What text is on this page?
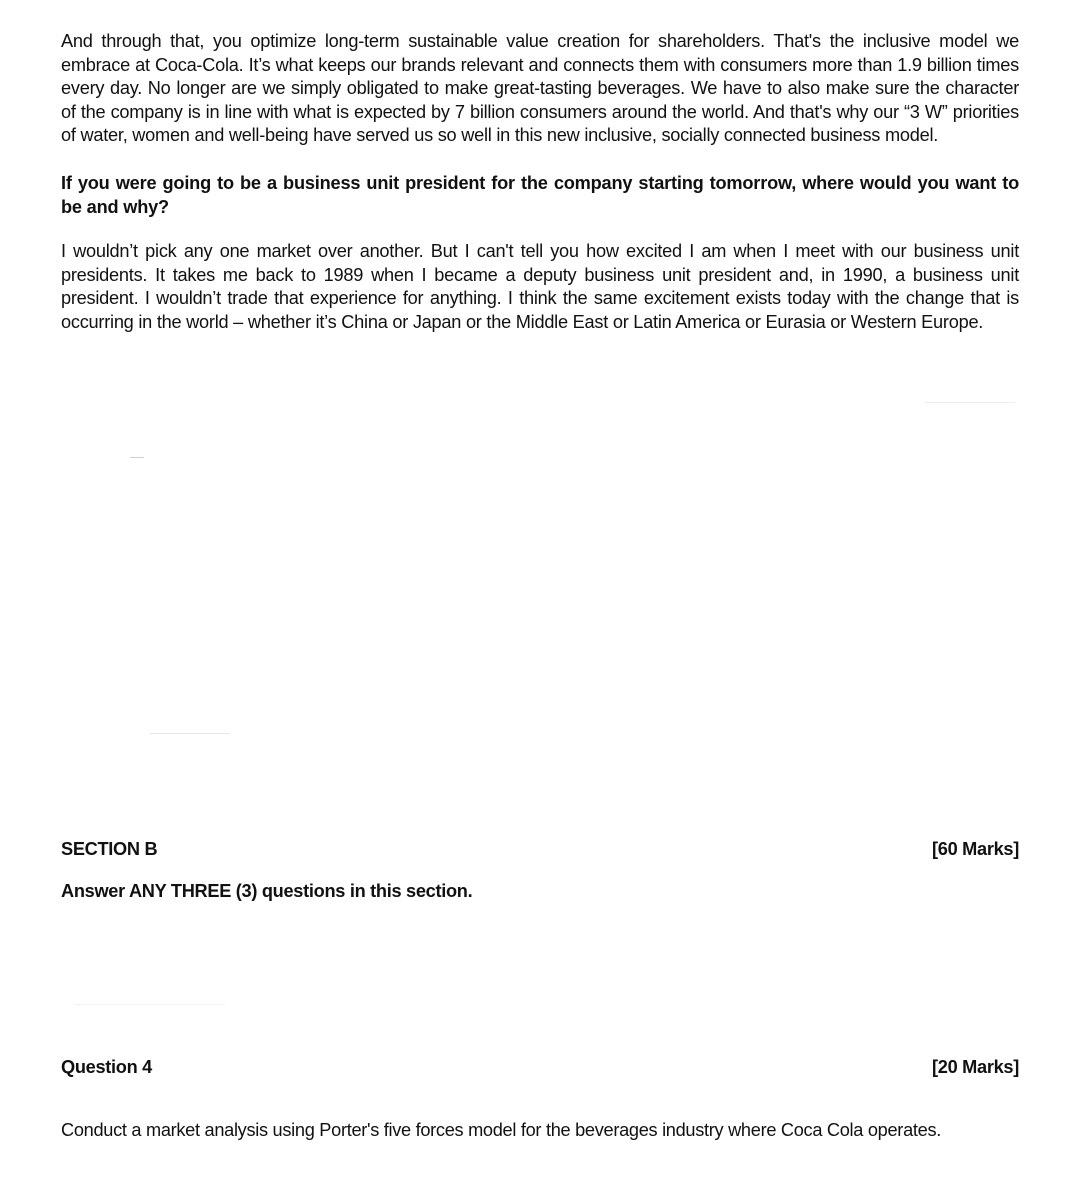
And through that, you optimize long-term sustainable value creation for shareholders. That's the inclusive model we embrace at Coca-Cola. It’s what keeps our brands relevant and connects them with consumers more than 1.9 billion times every day. No longer are we simply obligated to make great-tasting beverages. We have to also make sure the character of the company is in line with what is expected by 7 billion consumers around the world. And that's why our “3 W” priorities of water, women and well-being have served us so well in this new inclusive, socially connected business model.

If you were going to be a business unit president for the company starting tomorrow, where would you want to be and why?

I wouldn’t pick any one market over another. But I can't tell you how excited I am when I meet with our business unit presidents. It takes me back to 1989 when I became a deputy business unit president and, in 1990, a business unit president. I wouldn’t trade that experience for anything. I think the same excitement exists today with the change that is occurring in the world – whether it’s China or Japan or the Middle East or Latin America or Eurasia or Western Europe.

SECTION B	[60 Marks]
Answer ANY THREE (3) questions in this section.
Question 4	[20 Marks]
Conduct a market analysis using Porter's five forces model for the beverages industry where Coca Cola operates.
